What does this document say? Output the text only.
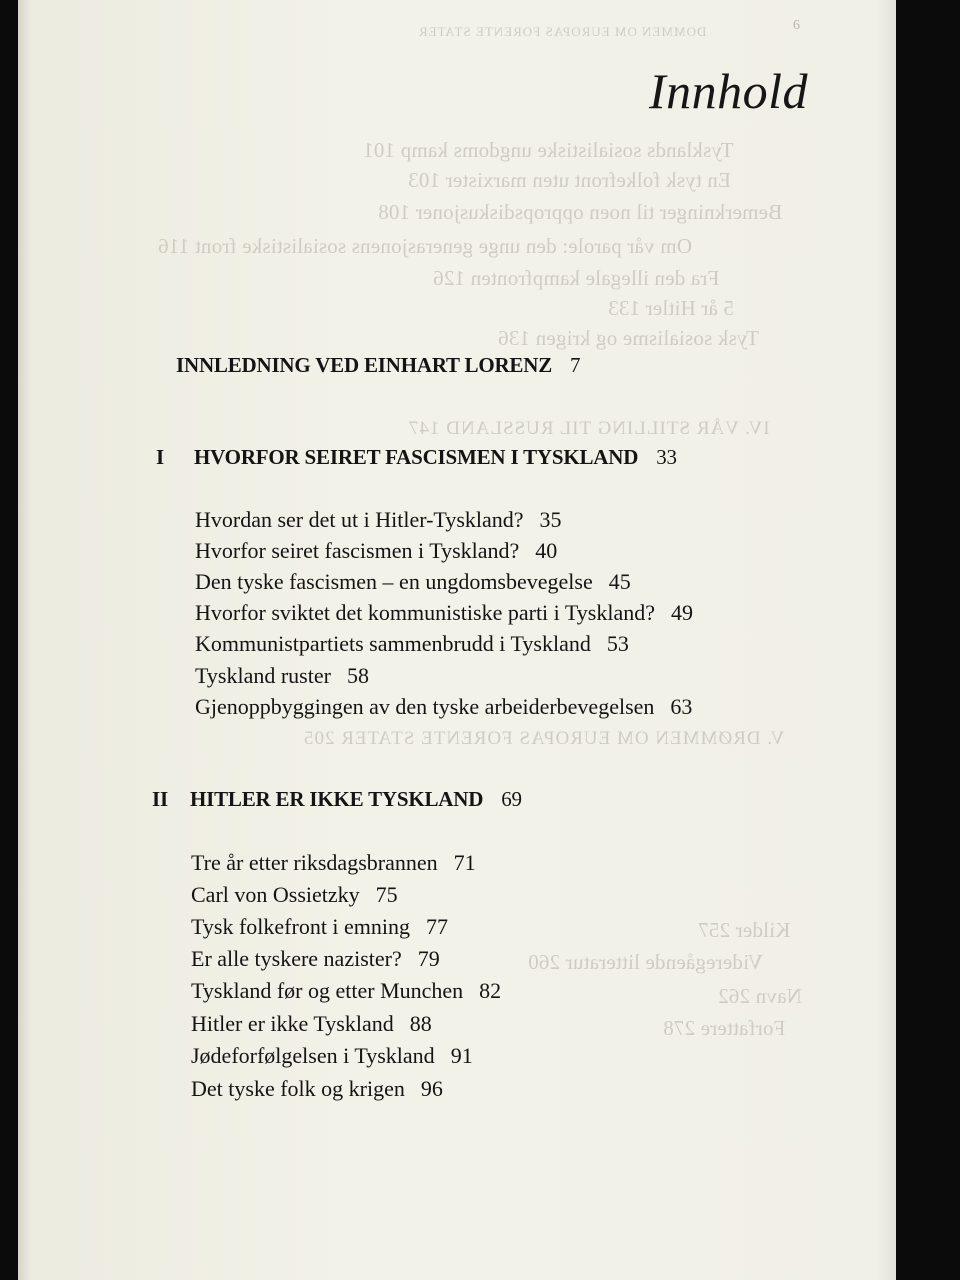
6
DOMMEN OM EUROPAS FORENTE STATER
Tysklands sosialistiske ungdoms kamp 101
En tysk folkefront uten marxister 103
Bemerkninger til noen oppropsdiskusjoner 108
Om vår parole: den unge generasjonens sosialistiske front 116
Fra den illegale kampfronten 126
5 år Hitler 133
Tysk sosialisme og krigen 136
IV. VÅR STILLING TIL RUSSLAND 147
V. DRØMMEN OM EUROPAS FORENTE STATER 205
Kilder 257
Videregående litteratur 260
Navn 262
Forfattere 278
Innhold
INNLEDNING VED EINHART LORENZ 7
I HVORFOR SEIRET FASCISMEN I TYSKLAND 33
Hvordan ser det ut i Hitler-Tyskland? 35
Hvorfor seiret fascismen i Tyskland? 40
Den tyske fascismen – en ungdomsbevegelse 45
Hvorfor sviktet det kommunistiske parti i Tyskland? 49
Kommunistpartiets sammenbrudd i Tyskland 53
Tyskland ruster 58
Gjenoppbyggingen av den tyske arbeiderbevegelsen 63
II HITLER ER IKKE TYSKLAND 69
Tre år etter riksdagsbrannen 71
Carl von Ossietzky 75
Tysk folkefront i emning 77
Er alle tyskere nazister? 79
Tyskland før og etter Munchen 82
Hitler er ikke Tyskland 88
Jødeforfølgelsen i Tyskland 91
Det tyske folk og krigen 96
